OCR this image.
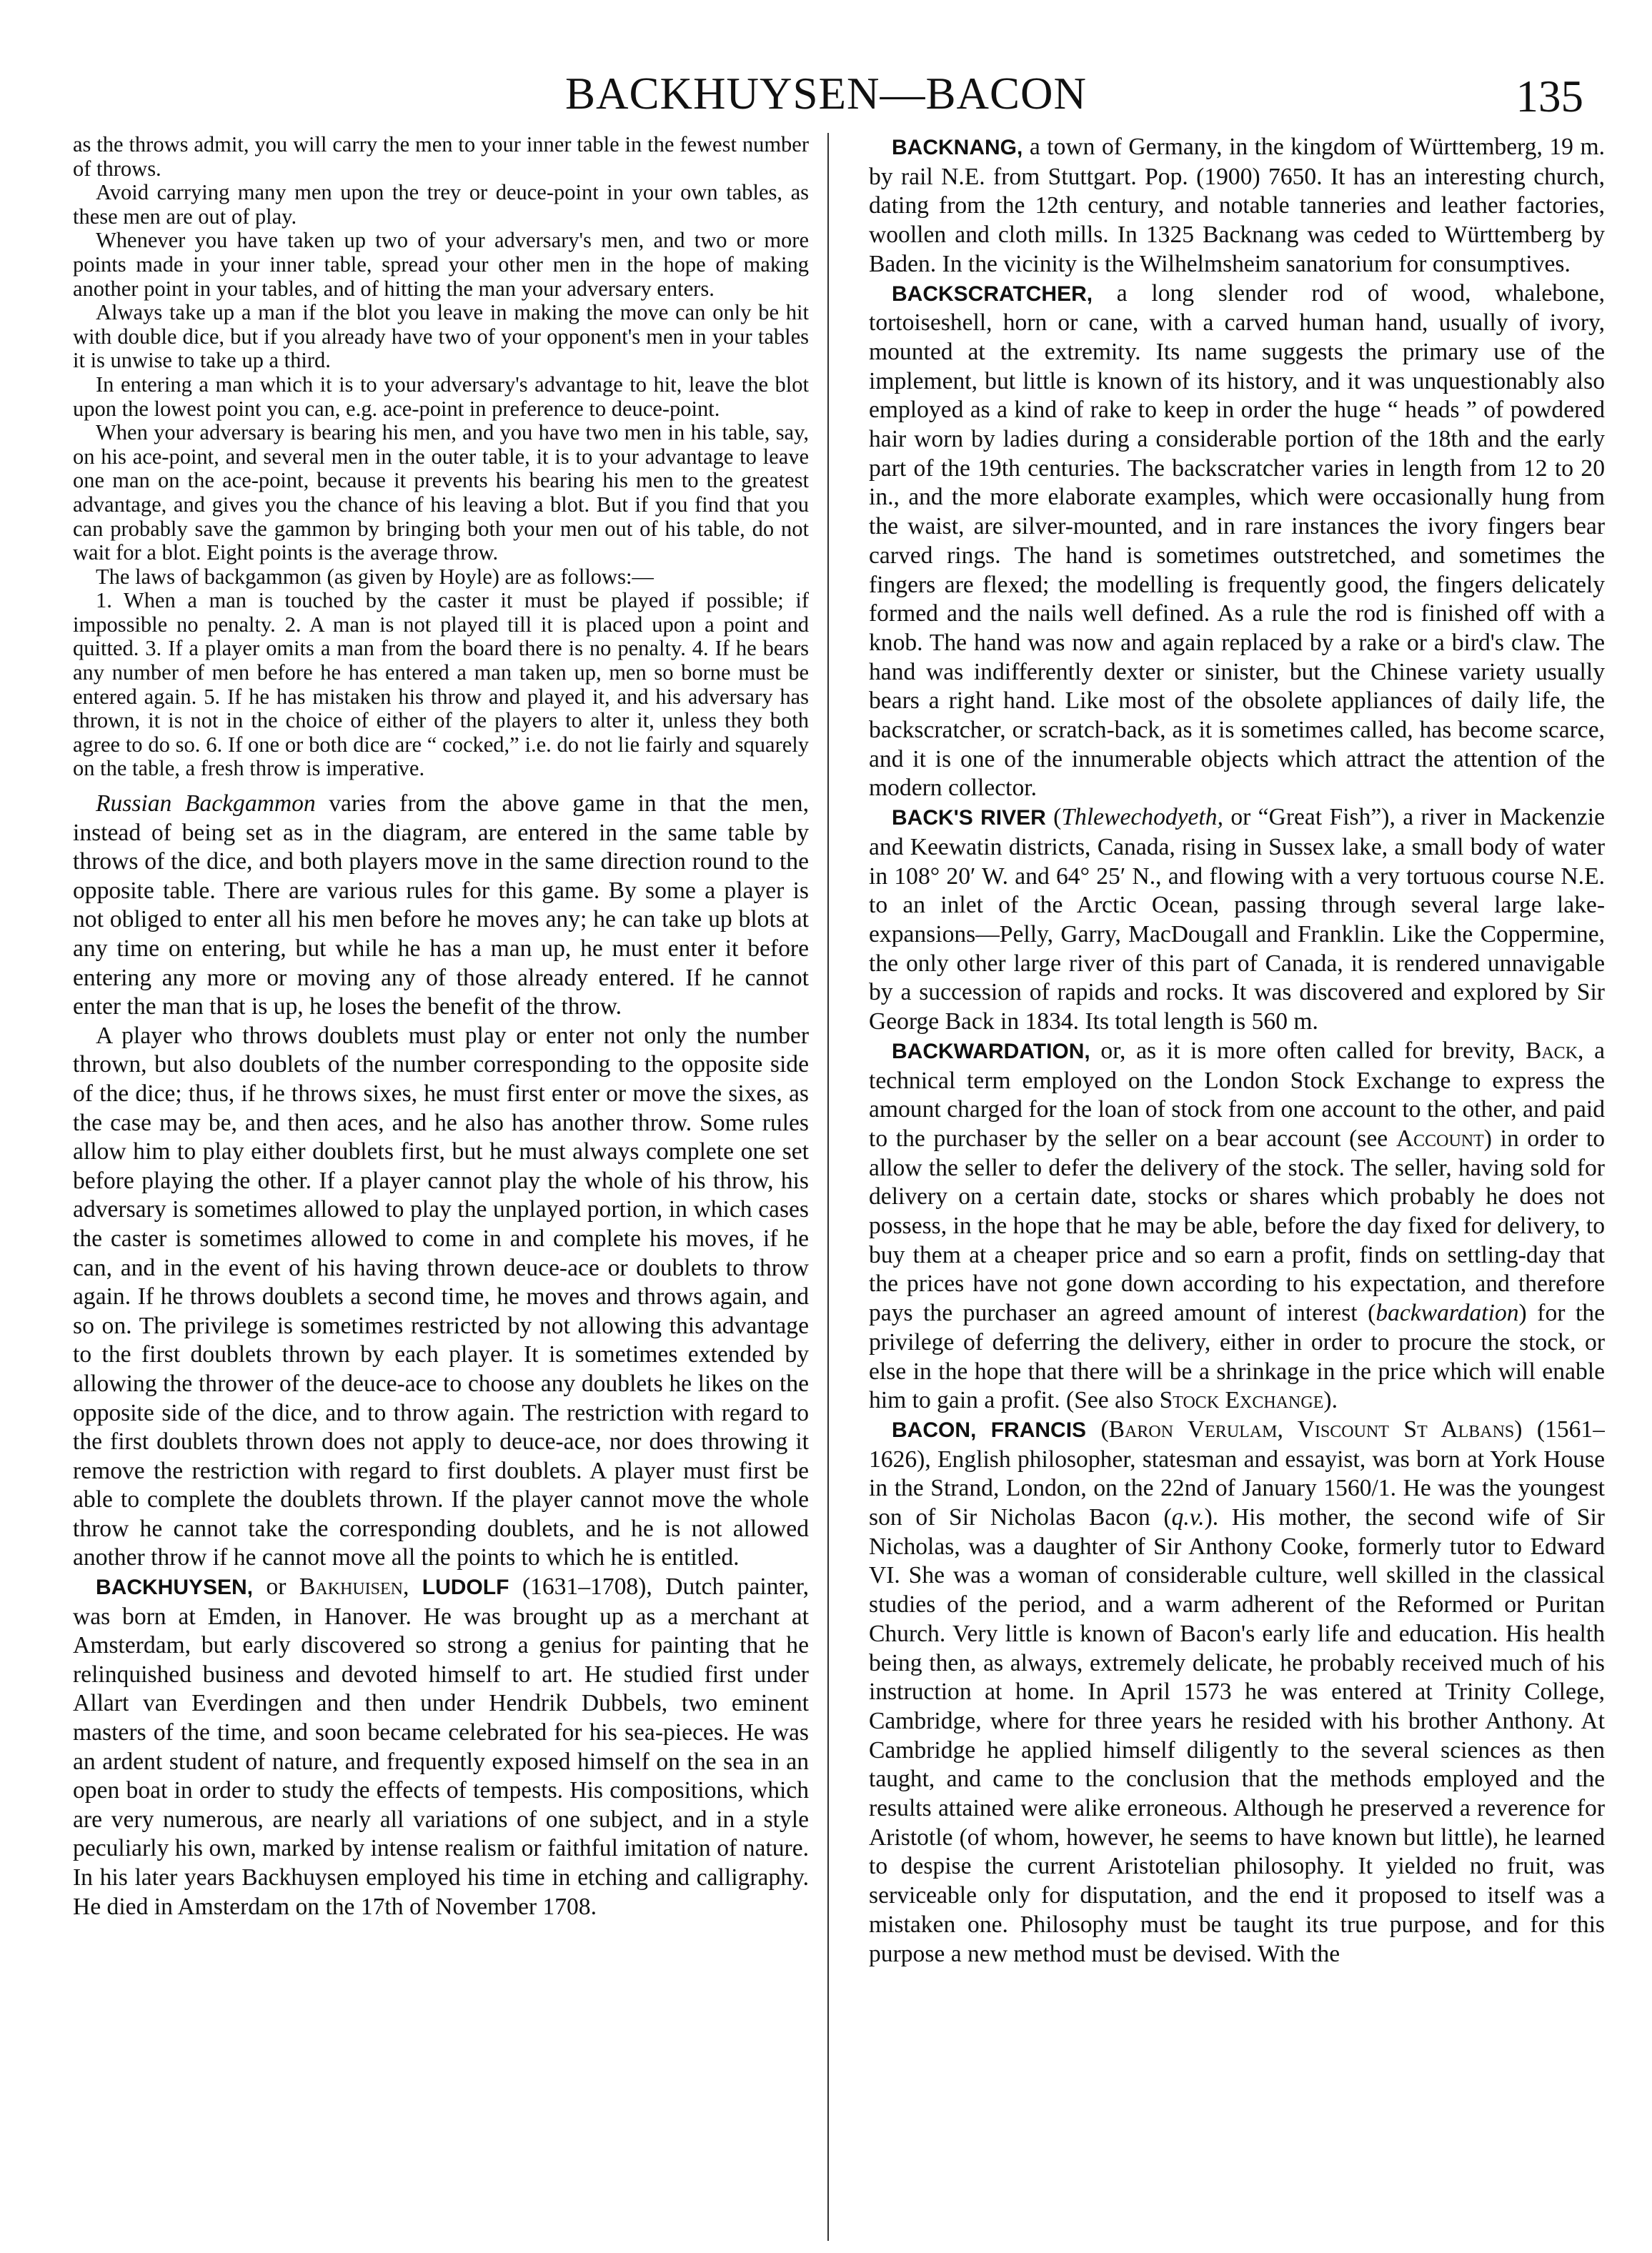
BACKHUYSEN—BACON	135

as the throws admit, you will carry the men to your inner table in the fewest number of throws.

Avoid carrying many men upon the trey or deuce-point in your own tables, as these men are out of play.

Whenever you have taken up two of your adversary's men, and two or more points made in your inner table, spread your other men in the hope of making another point in your tables, and of hitting the man your adversary enters.

Always take up a man if the blot you leave in making the move can only be hit with double dice, but if you already have two of your opponent's men in your tables it is unwise to take up a third.

In entering a man which it is to your adversary's advantage to hit, leave the blot upon the lowest point you can, e.g. ace-point in preference to deuce-point.

When your adversary is bearing his men, and you have two men in his table, say, on his ace-point, and several men in the outer table, it is to your advantage to leave one man on the ace-point, because it prevents his bearing his men to the greatest advantage, and gives you the chance of his leaving a blot. But if you find that you can probably save the gammon by bringing both your men out of his table, do not wait for a blot. Eight points is the average throw.

The laws of backgammon (as given by Hoyle) are as follows:—

1. When a man is touched by the caster it must be played if possible; if impossible no penalty. 2. A man is not played till it is placed upon a point and quitted. 3. If a player omits a man from the board there is no penalty. 4. If he bears any number of men before he has entered a man taken up, men so borne must be entered again. 5. If he has mistaken his throw and played it, and his adversary has thrown, it is not in the choice of either of the players to alter it, unless they both agree to do so. 6. If one or both dice are “ cocked,” i.e. do not lie fairly and squarely on the table, a fresh throw is imperative.

Russian Backgammon varies from the above game in that the men, instead of being set as in the diagram, are entered in the same table by throws of the dice, and both players move in the same direction round to the opposite table. There are various rules for this game. By some a player is not obliged to enter all his men before he moves any; he can take up blots at any time on entering, but while he has a man up, he must enter it before entering any more or moving any of those already entered. If he cannot enter the man that is up, he loses the benefit of the throw.

A player who throws doublets must play or enter not only the number thrown, but also doublets of the number corresponding to the opposite side of the dice; thus, if he throws sixes, he must first enter or move the sixes, as the case may be, and then aces, and he also has another throw. Some rules allow him to play either doublets first, but he must always complete one set before playing the other. If a player cannot play the whole of his throw, his adversary is sometimes allowed to play the unplayed portion, in which cases the caster is sometimes allowed to come in and complete his moves, if he can, and in the event of his having thrown deuce-ace or doublets to throw again. If he throws doublets a second time, he moves and throws again, and so on. The privilege is sometimes restricted by not allowing this advantage to the first doublets thrown by each player. It is sometimes extended by allowing the thrower of the deuce-ace to choose any doublets he likes on the opposite side of the dice, and to throw again. The restriction with regard to the first doublets thrown does not apply to deuce-ace, nor does throwing it remove the restriction with regard to first doublets. A player must first be able to complete the doublets thrown. If the player cannot move the whole throw he cannot take the corresponding doublets, and he is not allowed another throw if he cannot move all the points to which he is entitled.

BACKHUYSEN, or Bakhuisen, LUDOLF (1631–1708), Dutch painter, was born at Emden, in Hanover. He was brought up as a merchant at Amsterdam, but early discovered so strong a genius for painting that he relinquished business and devoted himself to art. He studied first under Allart van Everdingen and then under Hendrik Dubbels, two eminent masters of the time, and soon became celebrated for his sea-pieces. He was an ardent student of nature, and frequently exposed himself on the sea in an open boat in order to study the effects of tempests. His compositions, which are very numerous, are nearly all variations of one subject, and in a style peculiarly his own, marked by intense realism or faithful imitation of nature. In his later years Backhuysen employed his time in etching and calligraphy. He died in Amsterdam on the 17th of November 1708.

BACKNANG, a town of Germany, in the kingdom of Württemberg, 19 m. by rail N.E. from Stuttgart. Pop. (1900) 7650. It has an interesting church, dating from the 12th century, and notable tanneries and leather factories, woollen and cloth mills. In 1325 Backnang was ceded to Württemberg by Baden. In the vicinity is the Wilhelmsheim sanatorium for consumptives.

BACKSCRATCHER, a long slender rod of wood, whalebone, tortoiseshell, horn or cane, with a carved human hand, usually of ivory, mounted at the extremity. Its name suggests the primary use of the implement, but little is known of its history, and it was unquestionably also employed as a kind of rake to keep in order the huge “ heads ” of powdered hair worn by ladies during a considerable portion of the 18th and the early part of the 19th centuries. The backscratcher varies in length from 12 to 20 in., and the more elaborate examples, which were occasionally hung from the waist, are silver-mounted, and in rare instances the ivory fingers bear carved rings. The hand is sometimes outstretched, and sometimes the fingers are flexed; the modelling is frequently good, the fingers delicately formed and the nails well defined. As a rule the rod is finished off with a knob. The hand was now and again replaced by a rake or a bird's claw. The hand was indifferently dexter or sinister, but the Chinese variety usually bears a right hand. Like most of the obsolete appliances of daily life, the backscratcher, or scratch-back, as it is sometimes called, has become scarce, and it is one of the innumerable objects which attract the attention of the modern collector.

BACK'S RIVER (Thlewechodyeth, or “Great Fish”), a river in Mackenzie and Keewatin districts, Canada, rising in Sussex lake, a small body of water in 108° 20′ W. and 64° 25′ N., and flowing with a very tortuous course N.E. to an inlet of the Arctic Ocean, passing through several large lake-expansions—Pelly, Garry, MacDougall and Franklin. Like the Coppermine, the only other large river of this part of Canada, it is rendered unnavigable by a succession of rapids and rocks. It was discovered and explored by Sir George Back in 1834. Its total length is 560 m.

BACKWARDATION, or, as it is more often called for brevity, Back, a technical term employed on the London Stock Exchange to express the amount charged for the loan of stock from one account to the other, and paid to the purchaser by the seller on a bear account (see Account) in order to allow the seller to defer the delivery of the stock. The seller, having sold for delivery on a certain date, stocks or shares which probably he does not possess, in the hope that he may be able, before the day fixed for delivery, to buy them at a cheaper price and so earn a profit, finds on settling-day that the prices have not gone down according to his expectation, and therefore pays the purchaser an agreed amount of interest (backwardation) for the privilege of deferring the delivery, either in order to procure the stock, or else in the hope that there will be a shrinkage in the price which will enable him to gain a profit. (See also Stock Exchange).

BACON, FRANCIS (Baron Verulam, Viscount St Albans) (1561–1626), English philosopher, statesman and essayist, was born at York House in the Strand, London, on the 22nd of January 1560/1. He was the youngest son of Sir Nicholas Bacon (q.v.). His mother, the second wife of Sir Nicholas, was a daughter of Sir Anthony Cooke, formerly tutor to Edward VI. She was a woman of considerable culture, well skilled in the classical studies of the period, and a warm adherent of the Reformed or Puritan Church. Very little is known of Bacon's early life and education. His health being then, as always, extremely delicate, he probably received much of his instruction at home. In April 1573 he was entered at Trinity College, Cambridge, where for three years he resided with his brother Anthony. At Cambridge he applied himself diligently to the several sciences as then taught, and came to the conclusion that the methods employed and the results attained were alike erroneous. Although he preserved a reverence for Aristotle (of whom, however, he seems to have known but little), he learned to despise the current Aristotelian philosophy. It yielded no fruit, was serviceable only for disputation, and the end it proposed to itself was a mistaken one. Philosophy must be taught its true purpose, and for this purpose a new method must be devised. With the
